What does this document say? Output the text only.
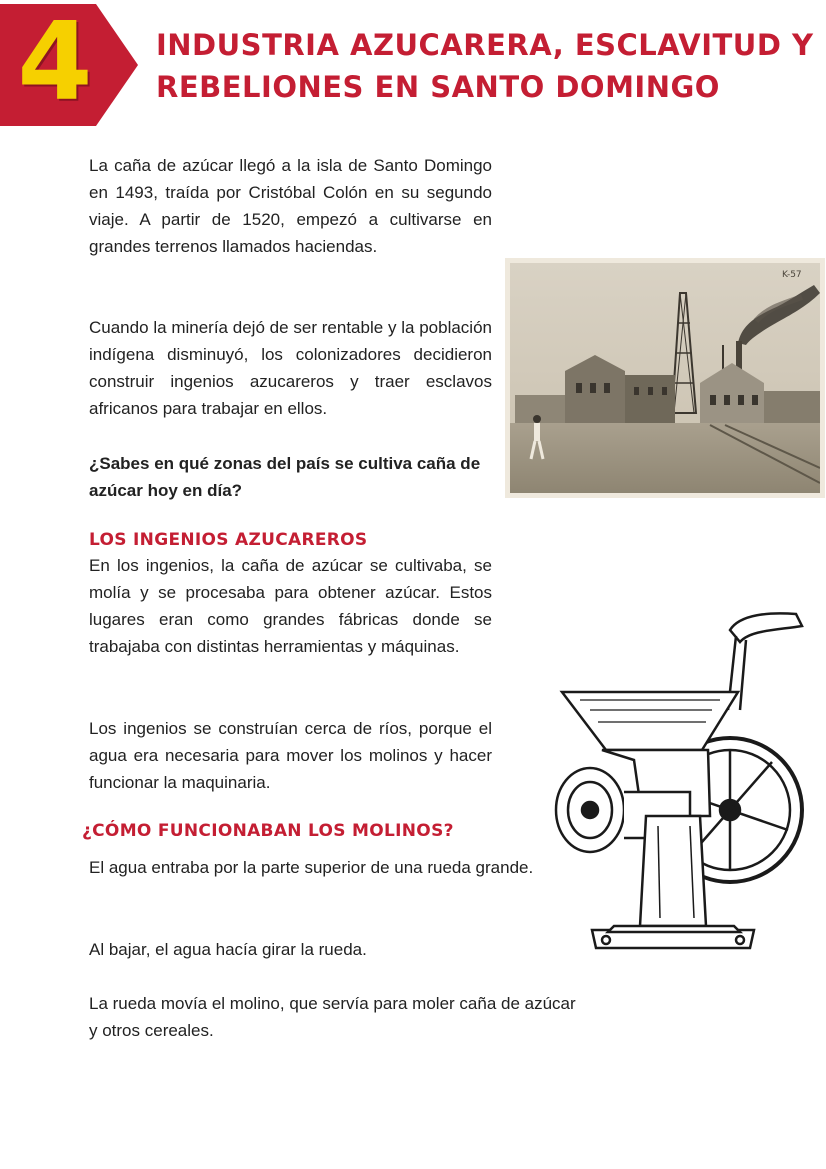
4	INDUSTRIA AZUCARERA, ESCLAVITUD Y REBELIONES EN SANTO DOMINGO

La caña de azúcar llegó a la isla de Santo Domingo en 1493, traída por Cristóbal Colón en su segundo viaje. A partir de 1520, empezó a cultivarse en grandes terrenos llamados haciendas.

Cuando la minería dejó de ser rentable y la población indígena disminuyó, los colonizadores decidieron construir ingenios azucareros y traer esclavos africanos para trabajar en ellos.

¿Sabes en qué zonas del país se cultiva caña de azúcar hoy en día?

K-57
LOS INGENIOS AZUCAREROS

En los ingenios, la caña de azúcar se cultivaba, se molía y se procesaba para obtener azúcar. Estos lugares eran como grandes fábricas donde se trabajaba con distintas herramientas y máquinas.

Los ingenios se construían cerca de ríos, porque el agua era necesaria para mover los molinos y hacer funcionar la maquinaria.

¿CÓMO FUNCIONABAN LOS MOLINOS?

El agua entraba por la parte superior de una rueda grande.

Al bajar, el agua hacía girar la rueda.

La rueda movía el molino, que servía para moler caña de azúcar y otros cereales.
